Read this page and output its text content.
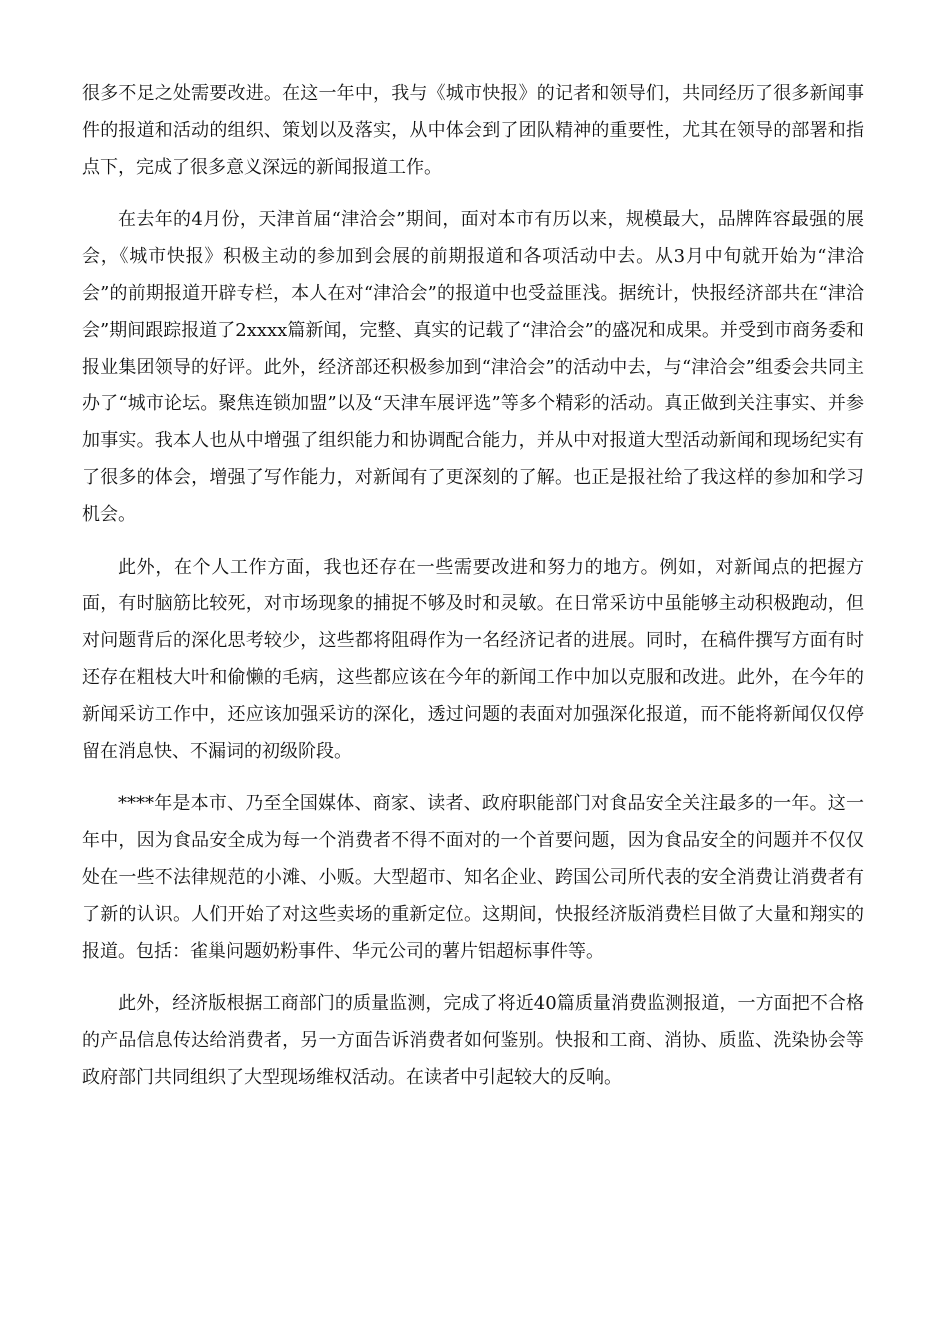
很多不足之处需要改进。在这一年中，我与《城市快报》的记者和领导们，共同经历了很多新闻事件的报道和活动的组织、策划以及落实，从中体会到了团队精神的重要性，尤其在领导的部署和指点下，完成了很多意义深远的新闻报道工作。

在去年的4月份，天津首届“津洽会”期间，面对本市有历以来，规模最大，品牌阵容最强的展会，《城市快报》积极主动的参加到会展的前期报道和各项活动中去。从3月中旬就开始为“津洽会”的前期报道开辟专栏，本人在对“津洽会”的报道中也受益匪浅。据统计，快报经济部共在“津洽会”期间跟踪报道了2xxxx篇新闻，完整、真实的记载了“津洽会”的盛况和成果。并受到市商务委和报业集团领导的好评。此外，经济部还积极参加到“津洽会”的活动中去，与“津洽会”组委会共同主办了“城市论坛。聚焦连锁加盟”以及“天津车展评选”等多个精彩的活动。真正做到关注事实、并参加事实。我本人也从中增强了组织能力和协调配合能力，并从中对报道大型活动新闻和现场纪实有了很多的体会，增强了写作能力，对新闻有了更深刻的了解。也正是报社给了我这样的参加和学习机会。

此外，在个人工作方面，我也还存在一些需要改进和努力的地方。例如，对新闻点的把握方面，有时脑筋比较死，对市场现象的捕捉不够及时和灵敏。在日常采访中虽能够主动积极跑动，但对问题背后的深化思考较少，这些都将阻碍作为一名经济记者的进展。同时，在稿件撰写方面有时还存在粗枝大叶和偷懒的毛病，这些都应该在今年的新闻工作中加以克服和改进。此外，在今年的新闻采访工作中，还应该加强采访的深化，透过问题的表面对加强深化报道，而不能将新闻仅仅停留在消息快、不漏词的初级阶段。

****年是本市、乃至全国媒体、商家、读者、政府职能部门对食品安全关注最多的一年。这一年中，因为食品安全成为每一个消费者不得不面对的一个首要问题，因为食品安全的问题并不仅仅处在一些不法律规范的小滩、小贩。大型超市、知名企业、跨国公司所代表的安全消费让消费者有了新的认识。人们开始了对这些卖场的重新定位。这期间，快报经济版消费栏目做了大量和翔实的报道。包括：雀巢问题奶粉事件、华元公司的薯片铝超标事件等。

此外，经济版根据工商部门的质量监测，完成了将近40篇质量消费监测报道，一方面把不合格的产品信息传达给消费者，另一方面告诉消费者如何鉴别。快报和工商、消协、质监、洗染协会等政府部门共同组织了大型现场维权活动。在读者中引起较大的反响。
